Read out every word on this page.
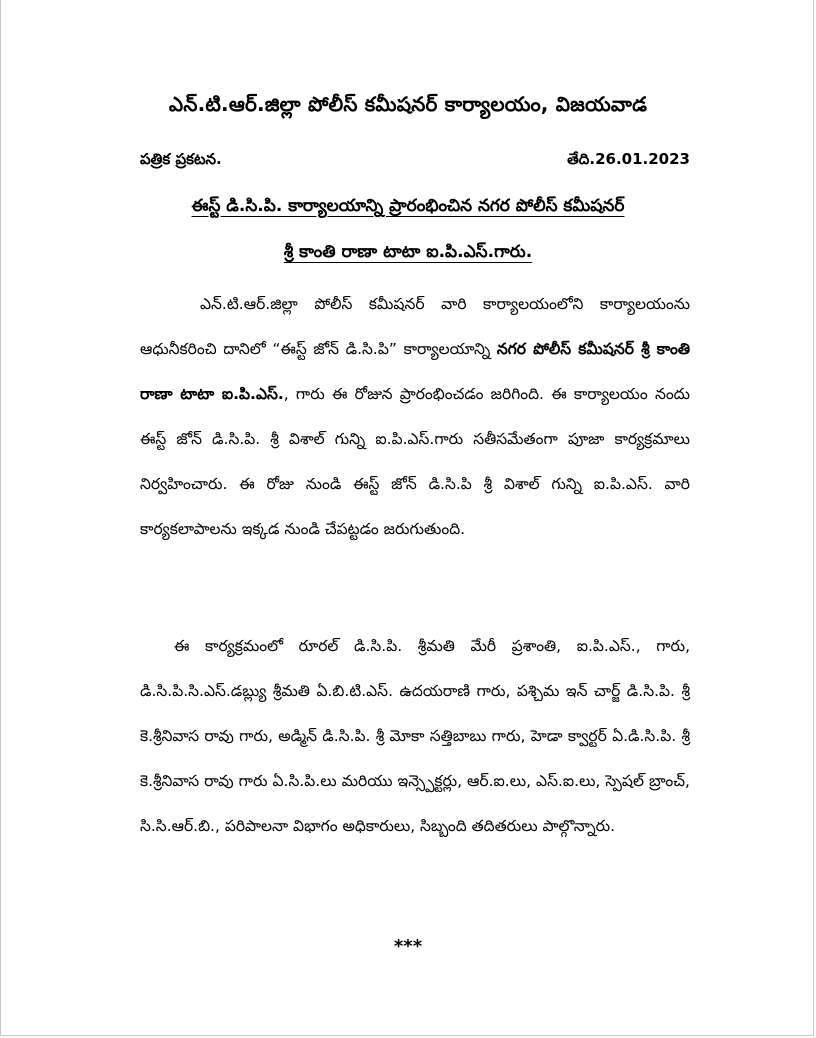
ఎన్.టి.ఆర్.జిల్లా పోలీస్ కమీషనర్ కార్యాలయం, విజయవాడ
పత్రిక ప్రకటన.	తేది.26.01.2023
ఈస్ట్ డి.సి.పి. కార్యాలయాన్ని ప్రారంభించిన నగర పోలీస్ కమీషనర్
శ్రీ కాంతి రాణా టాటా ఐ.పి.ఎస్.గారు.

ఎన్.టి.ఆర్.జిల్లా పోలీస్ కమీషనర్ వారి కార్యాలయంలోని కార్యాలయంను ఆధునీకరించి దానిలో “ఈస్ట్ జోన్ డి.సి.పి” కార్యాలయాన్ని నగర పోలీస్ కమీషనర్ శ్రీ కాంతి రాణా టాటా ఐ.పి.ఎస్., గారు ఈ రోజున ప్రారంభించడం జరిగింది. ఈ కార్యాలయం నందు ఈస్ట్ జోన్ డి.సి.పి. శ్రీ విశాల్ గున్ని ఐ.పి.ఎస్.గారు సతీసమేతంగా పూజా కార్యక్రమాలు నిర్వహించారు. ఈ రోజు నుండి ఈస్ట్ జోన్ డి.సి.పి శ్రీ విశాల్ గున్ని ఐ.పి.ఎస్. వారి కార్యకలాపాలను ఇక్కడ నుండి చేపట్టడం జరుగుతుంది.

ఈ కార్యక్రమంలో రూరల్ డి.సి.పి. శ్రీమతి మేరీ ప్రశాంతి, ఐ.పి.ఎస్., గారు, డి.సి.పి.సి.ఎస్.డబ్ల్యు శ్రీమతి ఏ.బి.టి.ఎస్. ఉదయరాణి గారు, పశ్చిమ ఇన్ చార్జ్ డి.సి.పి. శ్రీ కె.శ్రీనివాస రావు గారు, అడ్మిన్ డి.సి.పి. శ్రీ మోకా సత్తిబాబు గారు, హెడా క్వార్టర్ ఏ.డి.సి.పి. శ్రీ కె.శ్రీనివాస రావు గారు ఏ.సి.పి.లు మరియు ఇన్స్పెక్టర్లు, ఆర్.ఐ.లు, ఎస్.ఐ.లు, స్పెషల్ బ్రాంచ్, సి.సి.ఆర్.బి., పరిపాలనా విభాగం అధికారులు, సిబ్బంది తదితరులు పాల్గొన్నారు.

***
